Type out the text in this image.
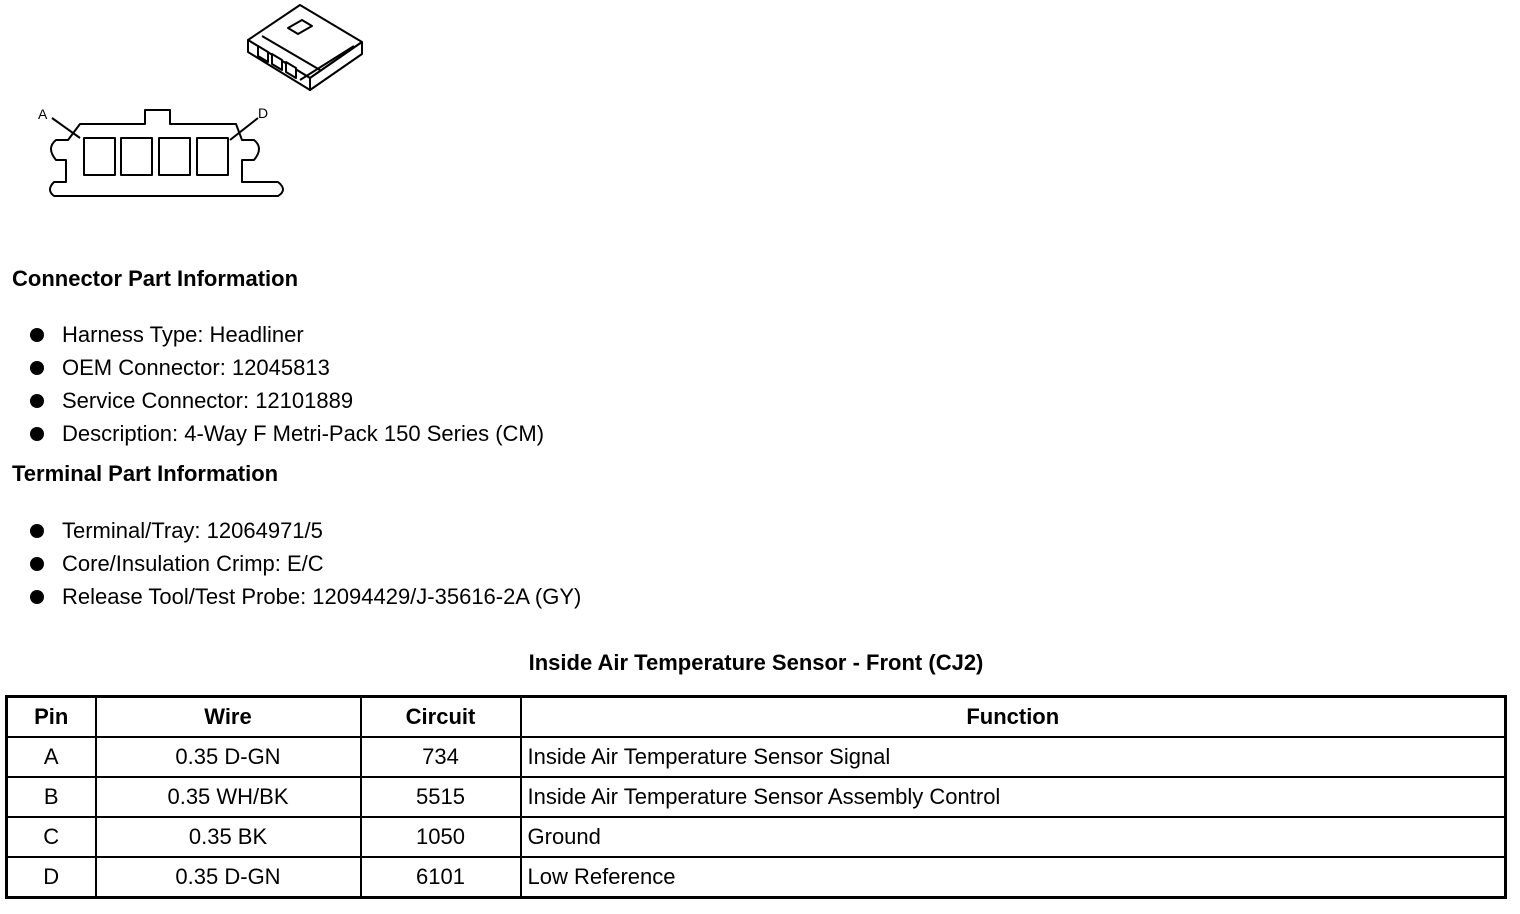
A	D
Connector Part Information
Harness Type: Headliner
OEM Connector: 12045813
Service Connector: 12101889
Description: 4-Way F Metri-Pack 150 Series (CM)
Terminal Part Information
Terminal/Tray: 12064971/5
Core/Insulation Crimp: E/C
Release Tool/Test Probe: 12094429/J-35616-2A (GY)
Inside Air Temperature Sensor - Front (CJ2)
Pin	Wire	Circuit	Function
A	0.35 D-GN	734	Inside Air Temperature Sensor Signal
B	0.35 WH/BK	5515	Inside Air Temperature Sensor Assembly Control
C	0.35 BK	1050	Ground
D	0.35 D-GN	6101	Low Reference
